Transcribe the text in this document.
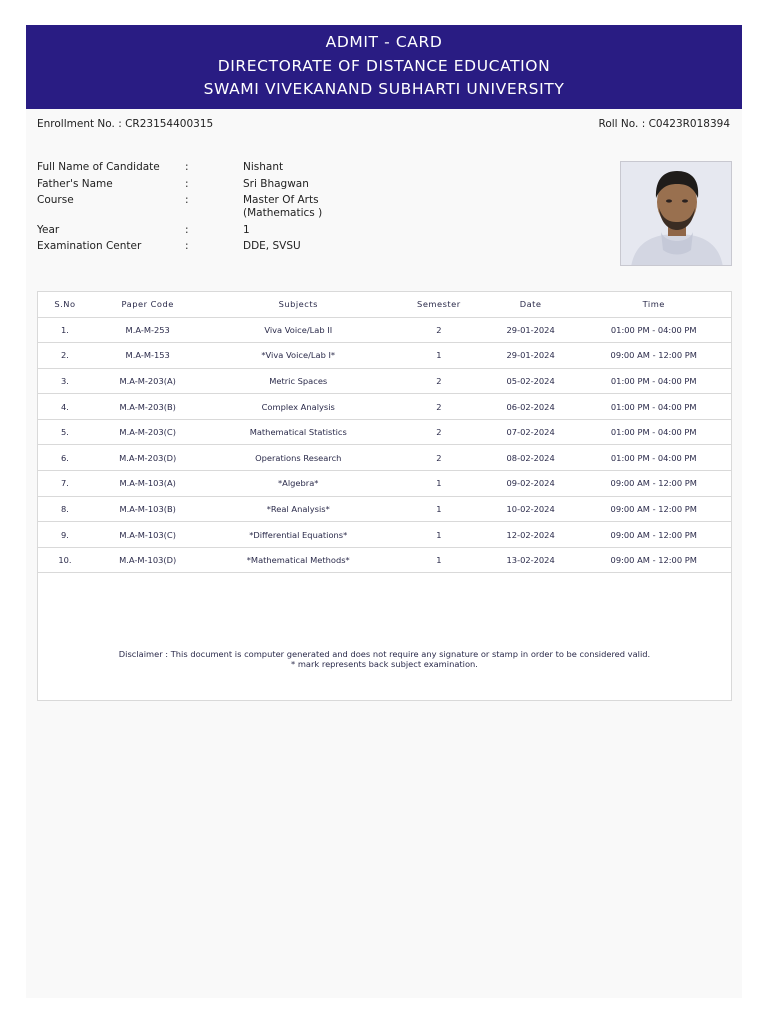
ADMIT - CARD
DIRECTORATE OF DISTANCE EDUCATION
SWAMI VIVEKANAND SUBHARTI UNIVERSITY
Enrollment No. : CR23154400315	Roll No. : C0423R018394
Full Name of Candidate	:	Nishant
Father's Name	:	Sri Bhagwan
Course	:	Master Of Arts
(Mathematics )
Year	:	1
Examination Center	:	DDE, SVSU
S.No	Paper Code	Subjects	Semester	Date	Time
1.	M.A-M-253	Viva Voice/Lab II	2	29-01-2024	01:00 PM - 04:00 PM
2.	M.A-M-153	*Viva Voice/Lab I*	1	29-01-2024	09:00 AM - 12:00 PM
3.	M.A-M-203(A)	Metric Spaces	2	05-02-2024	01:00 PM - 04:00 PM
4.	M.A-M-203(B)	Complex Analysis	2	06-02-2024	01:00 PM - 04:00 PM
5.	M.A-M-203(C)	Mathematical Statistics	2	07-02-2024	01:00 PM - 04:00 PM
6.	M.A-M-203(D)	Operations Research	2	08-02-2024	01:00 PM - 04:00 PM
7.	M.A-M-103(A)	*Algebra*	1	09-02-2024	09:00 AM - 12:00 PM
8.	M.A-M-103(B)	*Real Analysis*	1	10-02-2024	09:00 AM - 12:00 PM
9.	M.A-M-103(C)	*Differential Equations*	1	12-02-2024	09:00 AM - 12:00 PM
10.	M.A-M-103(D)	*Mathematical Methods*	1	13-02-2024	09:00 AM - 12:00 PM
Disclaimer : This document is computer generated and does not require any signature or stamp in order to be considered valid.
* mark represents back subject examination.
